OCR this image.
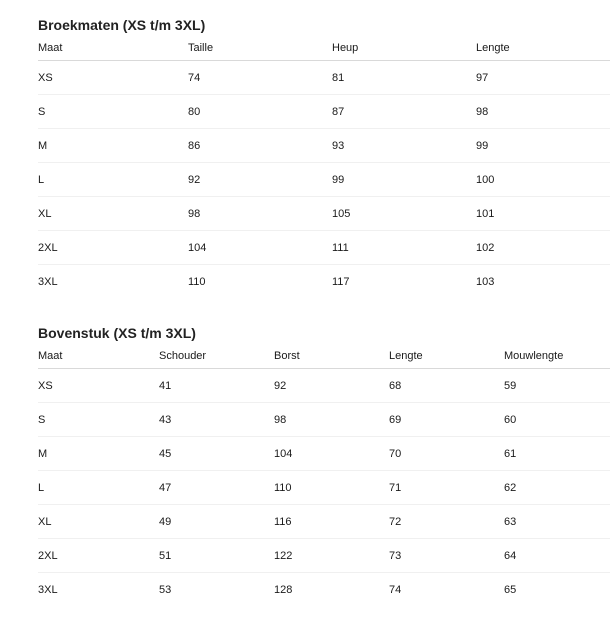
Broekmaten (XS t/m 3XL)
Maat	Taille	Heup	Lengte
XS	74	81	97
S	80	87	98
M	86	93	99
L	92	99	100
XL	98	105	101
2XL	104	111	102
3XL	110	117	103
Bovenstuk (XS t/m 3XL)
Maat	Schouder	Borst	Lengte	Mouwlengte
XS	41	92	68	59
S	43	98	69	60
M	45	104	70	61
L	47	110	71	62
XL	49	116	72	63
2XL	51	122	73	64
3XL	53	128	74	65
